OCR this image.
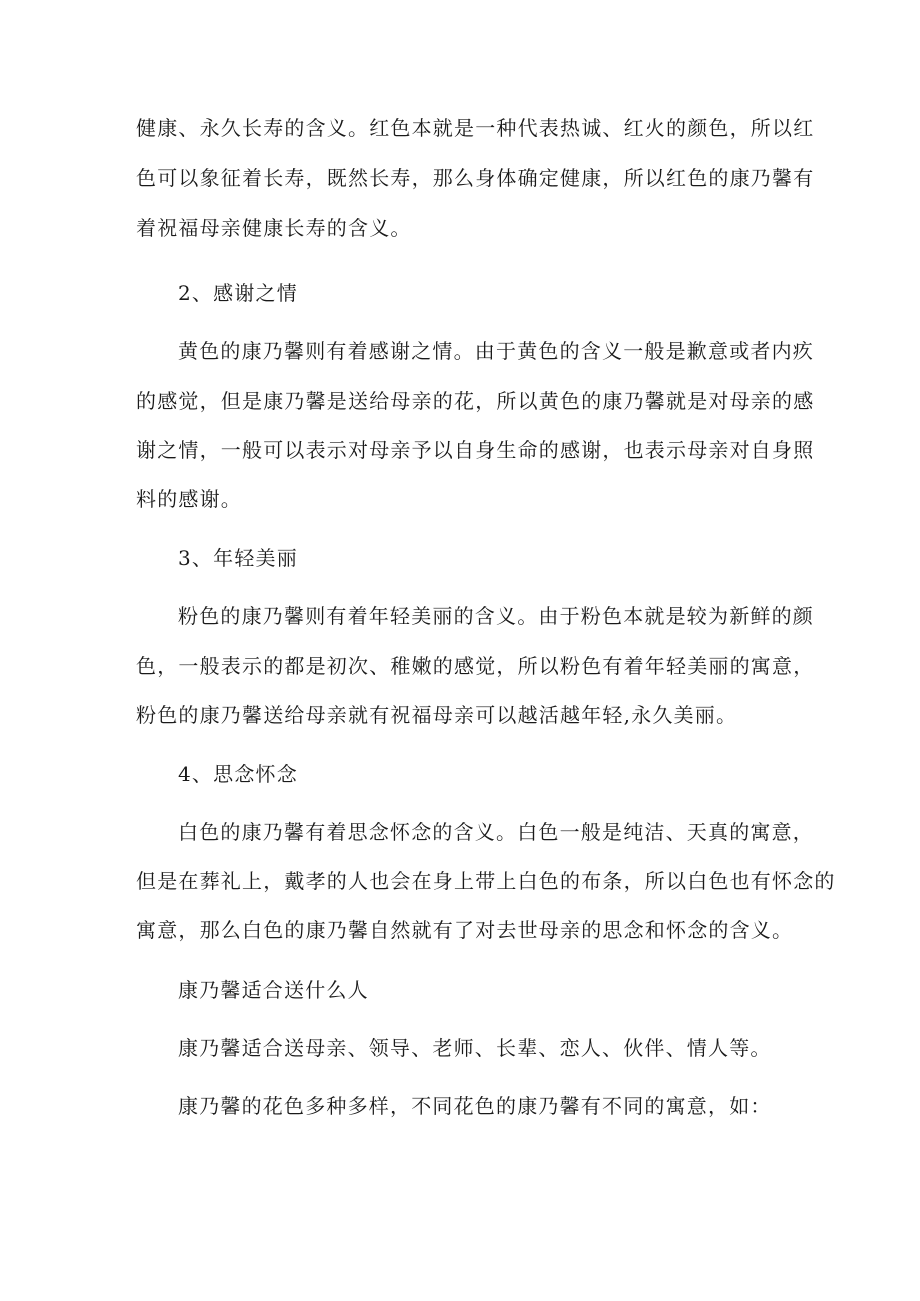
健康、永久长寿的含义。红色本就是一种代表热诚、红火的颜色，所以红
色可以象征着长寿，既然长寿，那么身体确定健康，所以红色的康乃馨有
着祝福母亲健康长寿的含义。
2、感谢之情
黄色的康乃馨则有着感谢之情。由于黄色的含义一般是歉意或者内疚
的感觉，但是康乃馨是送给母亲的花，所以黄色的康乃馨就是对母亲的感
谢之情，一般可以表示对母亲予以自身生命的感谢，也表示母亲对自身照
料的感谢。
3、年轻美丽
粉色的康乃馨则有着年轻美丽的含义。由于粉色本就是较为新鲜的颜
色，一般表示的都是初次、稚嫩的感觉，所以粉色有着年轻美丽的寓意，
粉色的康乃馨送给母亲就有祝福母亲可以越活越年轻,永久美丽。
4、思念怀念
白色的康乃馨有着思念怀念的含义。白色一般是纯洁、天真的寓意，
但是在葬礼上，戴孝的人也会在身上带上白色的布条，所以白色也有怀念的
寓意，那么白色的康乃馨自然就有了对去世母亲的思念和怀念的含义。
康乃馨适合送什么人
康乃馨适合送母亲、领导、老师、长辈、恋人、伙伴、情人等。
康乃馨的花色多种多样，不同花色的康乃馨有不同的寓意，如：
